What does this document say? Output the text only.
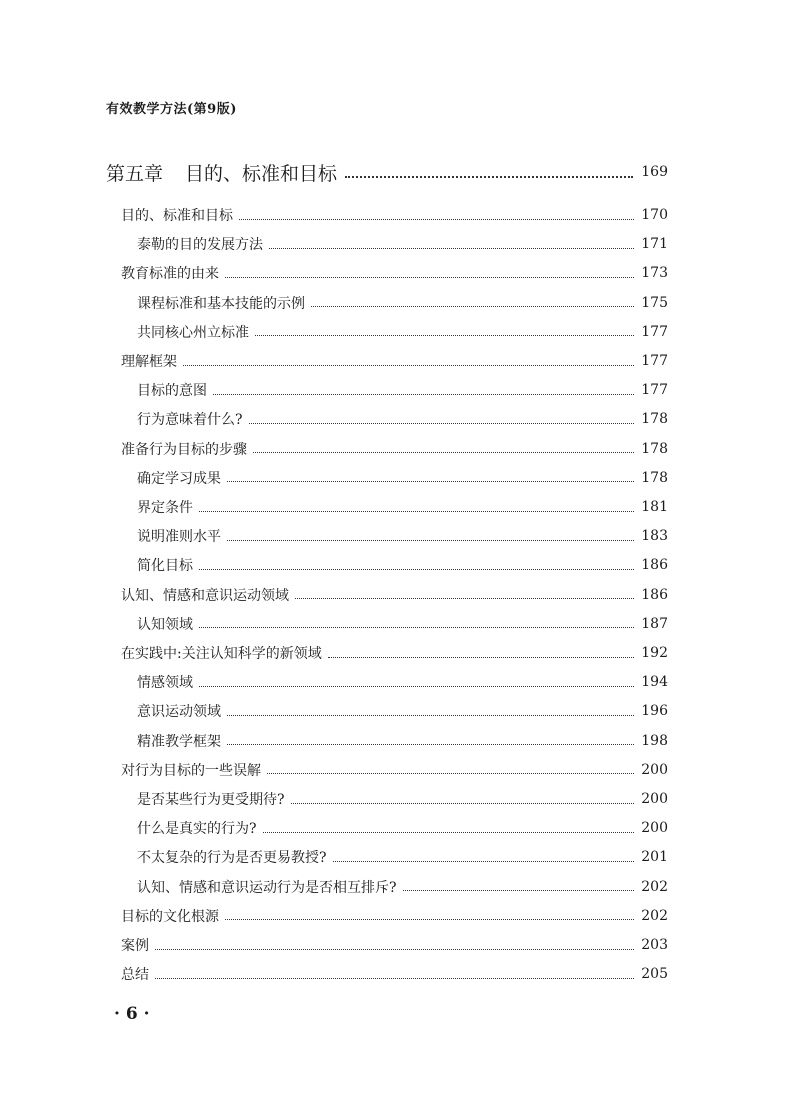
有效教学方法(第9版)
第五章 目的、标准和目标	169
目的、标准和目标	170
泰勒的目的发展方法	171
教育标准的由来	173
课程标准和基本技能的示例	175
共同核心州立标准	177
理解框架	177
目标的意图	177
行为意味着什么?	178
准备行为目标的步骤	178
确定学习成果	178
界定条件	181
说明准则水平	183
简化目标	186
认知、情感和意识运动领域	186
认知领域	187
在实践中:关注认知科学的新领域	192
情感领域	194
意识运动领域	196
精准教学框架	198
对行为目标的一些误解	200
是否某些行为更受期待?	200
什么是真实的行为?	200
不太复杂的行为是否更易教授?	201
认知、情感和意识运动行为是否相互排斥?	202
目标的文化根源	202
案例	203
总结	205
· 6 ·
